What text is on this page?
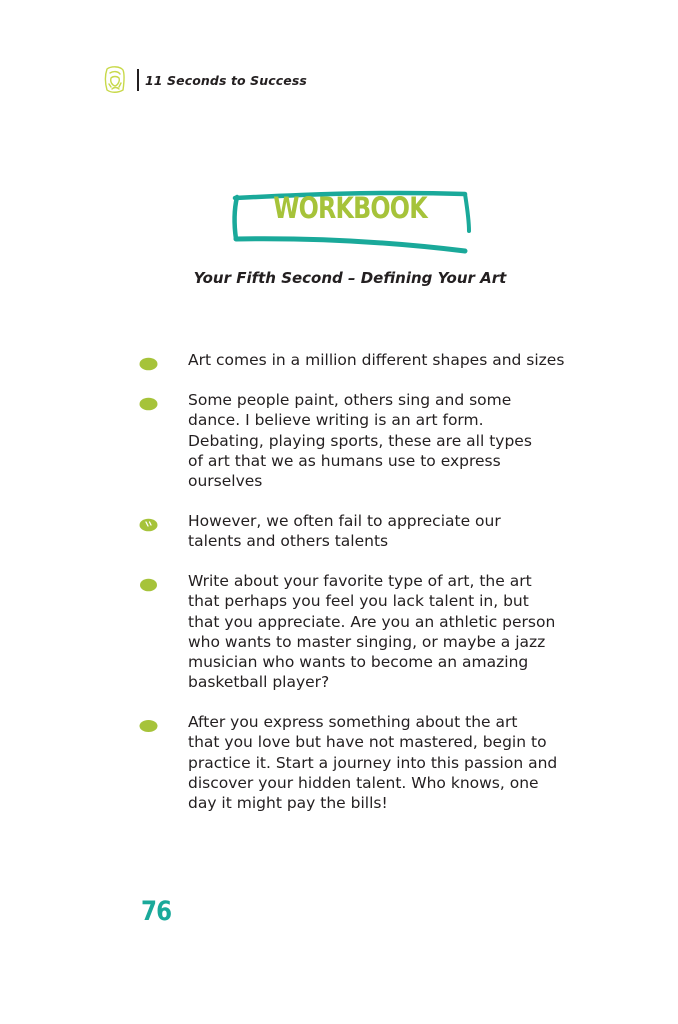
11 Seconds to Success
WORKBOOK
Your Fifth Second – Defining Your Art
Art comes in a million different shapes and sizes
Some people paint, others sing and some
dance. I believe writing is an art form.
Debating, playing sports, these are all types
of art that we as humans use to express
ourselves
However, we often fail to appreciate our
talents and others talents
Write about your favorite type of art, the art
that perhaps you feel you lack talent in, but
that you appreciate. Are you an athletic person
who wants to master singing, or maybe a jazz
musician who wants to become an amazing
basketball player?
After you express something about the art
that you love but have not mastered, begin to
practice it. Start a journey into this passion and
discover your hidden talent. Who knows, one
day it might pay the bills!
76
